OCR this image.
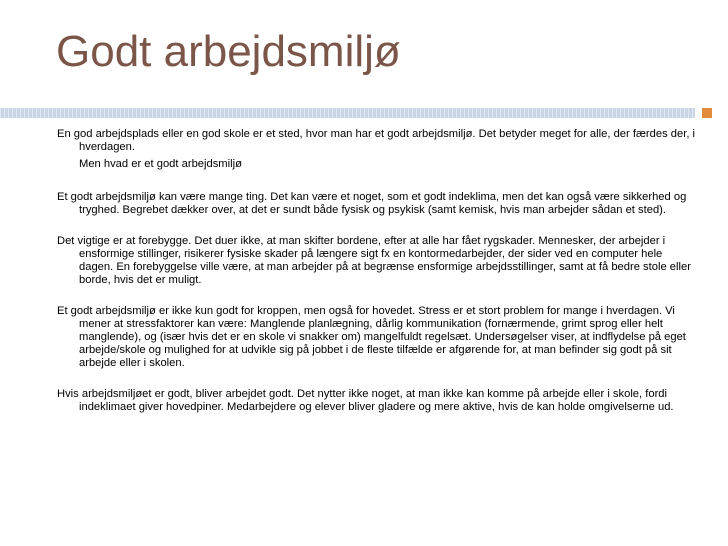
Godt arbejdsmiljø

En god arbejdsplads eller en god skole er et sted, hvor man har et godt arbejdsmiljø. Det betyder meget for alle, der færdes der, i hverdagen.

Men hvad er et godt arbejdsmiljø

Et godt arbejdsmiljø kan være mange ting. Det kan være et noget, som et godt indeklima, men det kan også være sikkerhed og tryghed. Begrebet dækker over, at det er sundt både fysisk og psykisk (samt kemisk, hvis man arbejder sådan et sted).

Det vigtige er at forebygge. Det duer ikke, at man skifter bordene, efter at alle har fået rygskader. Mennesker, der arbejder i ensformige stillinger, risikerer fysiske skader på længere sigt fx en kontormedarbejder, der sider ved en computer hele dagen. En forebyggelse ville være, at man arbejder på at begrænse ensformige arbejdsstillinger, samt at få bedre stole eller borde, hvis det er muligt.

Et godt arbejdsmiljø er ikke kun godt for kroppen, men også for hovedet. Stress er et stort problem for mange i hverdagen. Vi mener at stressfaktorer kan være: Manglende planlægning, dårlig kommunikation (fornærmende, grimt sprog eller helt manglende), og (især hvis det er en skole vi snakker om) mangelfuldt regelsæt. Undersøgelser viser, at indflydelse på eget arbejde/skole og mulighed for at udvikle sig på jobbet i de fleste tilfælde er afgørende for, at man befinder sig godt på sit arbejde eller i skolen.

Hvis arbejdsmiljøet er godt, bliver arbejdet godt. Det nytter ikke noget, at man ikke kan komme på arbejde eller i skole, fordi indeklimaet giver hovedpiner. Medarbejdere og elever bliver gladere og mere aktive, hvis de kan holde omgivelserne ud.
